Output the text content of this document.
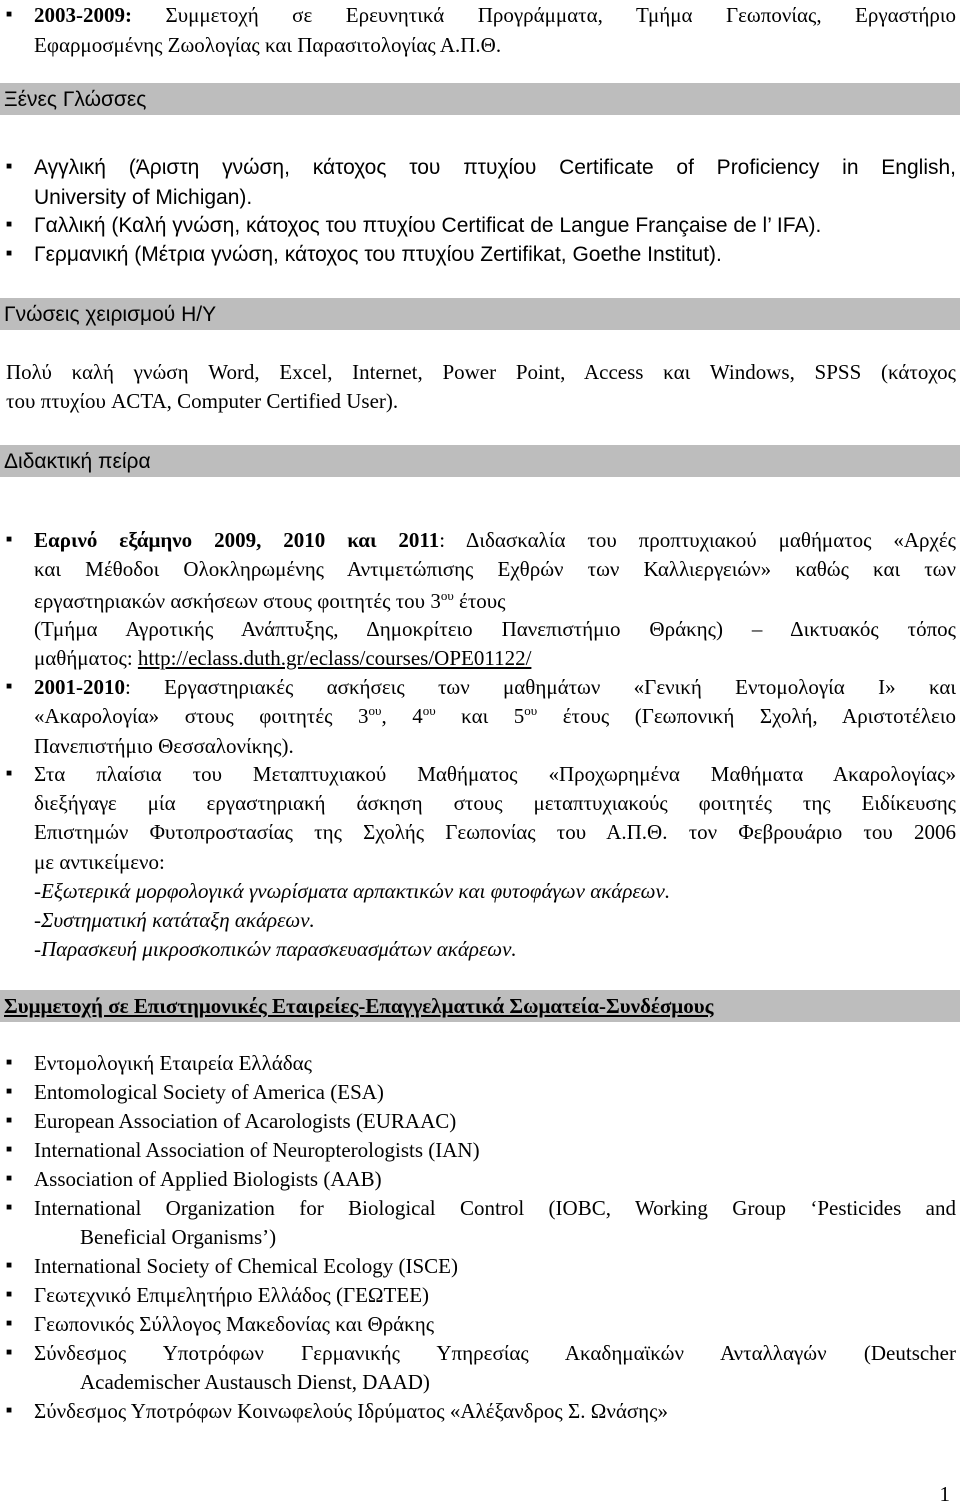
■
2003-2009: Συμμετοχή σε Ερευνητικά Προγράμματα, Τμήμα Γεωπονίας, Εργαστήριο
Εφαρμοσμένης Ζωολογίας και Παρασιτολογίας Α.Π.Θ.
Ξένες Γλώσσες
■
Αγγλική (Άριστη γνώση, κάτοχος του πτυχίου Certificate of Proficiency in English,
University of Michigan).
■
Γαλλική (Καλή γνώση, κάτοχος του πτυχίου Certificat de Langue Française de l’ IFA).
■
Γερμανική (Μέτρια γνώση, κάτοχος του πτυχίου Zertifikat, Goethe Institut).
Γνώσεις χειρισμού Η/Υ
Πολύ καλή γνώση Word, Excel, Internet, Power Point, Access και Windows, SPSS (κάτοχος
του πτυχίου ACTA, Computer Certified User).
Διδακτική πείρα
■
Εαρινό εξάμηνο 2009, 2010 και 2011: Διδασκαλία του προπτυχιακού μαθήματος «Αρχές
και Μέθοδοι Ολοκληρωμένης Αντιμετώπισης Εχθρών των Καλλιεργειών» καθώς και των
εργαστηριακών ασκήσεων στους φοιτητές του $3^{o\upsilon}$ έτους
(Τμήμα Αγροτικής Ανάπτυξης, Δημοκρίτειο Πανεπιστήμιο Θράκης) – Δικτυακός τόπος
μαθήματος: http://eclass.duth.gr/eclass/courses/OPE01122/
■
2001-2010: Εργαστηριακές ασκήσεις των μαθημάτων «Γενική Εντομολογία Ι» και
«Ακαρολογία» στους φοιτητές $3^{o\upsilon}$, $4^{o\upsilon}$ και $5^{o\upsilon}$ έτους (Γεωπονική Σχολή, Αριστοτέλειο
Πανεπιστήμιο Θεσσαλονίκης).
■
Στα πλαίσια του Μεταπτυχιακού Μαθήματος «Προχωρημένα Μαθήματα Ακαρολογίας»
διεξήγαγε μία εργαστηριακή άσκηση στους μεταπτυχιακούς φοιτητές της Ειδίκευσης
Επιστημών Φυτοπροστασίας της Σχολής Γεωπονίας του Α.Π.Θ. τον Φεβρουάριο του 2006
με αντικείμενο:
-Εξωτερικά μορφολογικά γνωρίσματα αρπακτικών και φυτοφάγων ακάρεων.
-Συστηματική κατάταξη ακάρεων.
-Παρασκευή μικροσκοπικών παρασκευασμάτων ακάρεων.
Συμμετοχή σε Επιστημονικές Εταιρείες-Επαγγελματικά Σωματεία-Συνδέσμους
■
Εντομολογική Εταιρεία Ελλάδας
■
Entomological Society of America (ESA)
■
European Association of Acarologists (EURAAC)
■
International Association of Neuropterologists (IAN)
■
Association of Applied Biologists (AAB)
■
International Organization for Biological Control (IOBC, Working Group ‘Pesticides and
Beneficial Organisms’)
■
International Society of Chemical Ecology (ISCE)
■
Γεωτεχνικό Επιμελητήριο Ελλάδος (ΓΕΩΤΕΕ)
■
Γεωπονικός Σύλλογος Μακεδονίας και Θράκης
■
Σύνδεσμος Υποτρόφων Γερμανικής Υπηρεσίας Ακαδημαϊκών Ανταλλαγών (Deutscher
Academischer Austausch Dienst, DAAD)
■
Σύνδεσμος Υποτρόφων Κοινωφελούς Ιδρύματος «Αλέξανδρος Σ. Ωνάσης»
1
